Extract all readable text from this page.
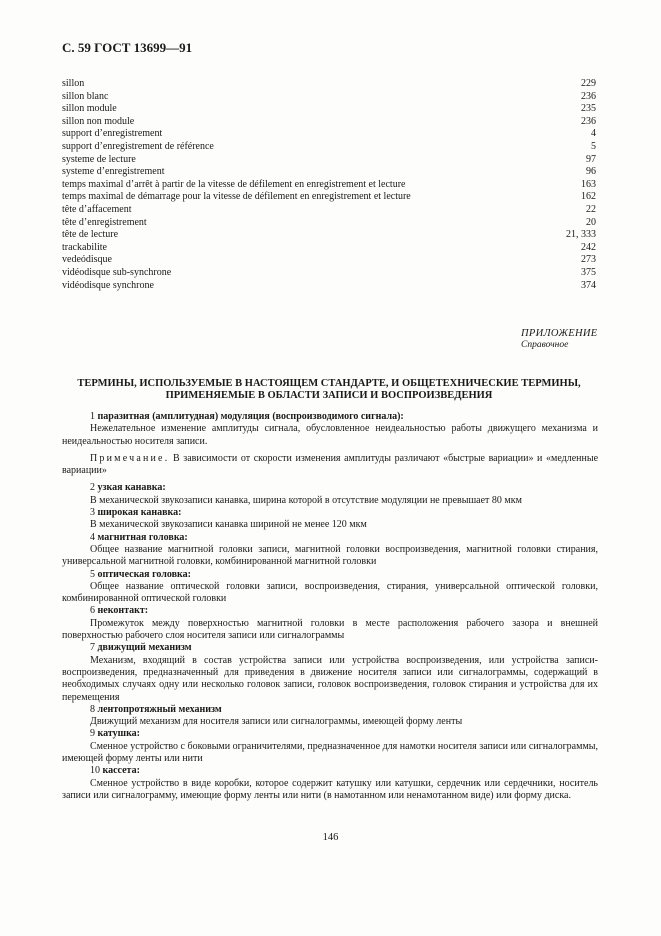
С. 59 ГОСТ 13699—91
sillon	229
sillon blanc	236
sillon module	235
sillon non module	236
support d’enregistrement	4
support d’enregistrement de référence	5
systeme de lecture	97
systeme d’enregistrement	96
temps maximal d’arrêt à partir de la vitesse de défilement en enregistrement et lecture	163
temps maximal de démarrage pour la vitesse de défilement en enregistrement et lecture	162
tête d’affacement	22
tête d’enregistrement	20
tête de lecture	21, 333
trackabilite	242
vedeódisque	273
vidéodisque sub-synchrone	375
vidéodisque synchrone	374
ПРИЛОЖЕНИЕ
Справочное
ТЕРМИНЫ, ИСПОЛЬЗУЕМЫЕ В НАСТОЯЩЕМ СТАНДАРТЕ, И ОБЩЕТЕХНИЧЕСКИЕ ТЕРМИНЫ,
ПРИМЕНЯЕМЫЕ В ОБЛАСТИ ЗАПИСИ И ВОСПРОИЗВЕДЕНИЯ

1 паразитная (амплитудная) модуляция (воспроизводимого сигнала):

Нежелательное изменение амплитуды сигнала, обусловленное неидеальностью работы движущего механизма и неидеальностью носителя записи.

Примечание. В зависимости от скорости изменения амплитуды различают «быстрые вариации» и «медленные вариации»

2 узкая канавка:

В механической звукозаписи канавка, ширина которой в отсутствие модуляции не превышает 80 мкм

3 широкая канавка:

В механической звукозаписи канавка шириной не менее 120 мкм

4 магнитная головка:

Общее название магнитной головки записи, магнитной головки воспроизведения, магнитной головки стирания, универсальной магнитной головки, комбинированной магнитной головки

5 оптическая головка:

Общее название оптической головки записи, воспроизведения, стирания, универсальной оптической головки, комбинированной оптической головки

6 неконтакт:

Промежуток между поверхностью магнитной головки в месте расположения рабочего зазора и внешней поверхностью рабочего слоя носителя записи или сигналограммы

7 движущий механизм

Механизм, входящий в состав устройства записи или устройства воспроизведения, или устройства записи-воспроизведения, предназначенный для приведения в движение носителя записи или сигналограммы, содержащий в необходимых случаях одну или несколько головок записи, головок воспроизведения, головок стирания и устройства для их перемещения

8 лентопротяжный механизм

Движущий механизм для носителя записи или сигналограммы, имеющей форму ленты

9 катушка:

Сменное устройство с боковыми ограничителями, предназначенное для намотки носителя записи или сигналограммы, имеющей форму ленты или нити

10 кассета:

Сменное устройство в виде коробки, которое содержит катушку или катушки, сердечник или сердечники, носитель записи или сигналограмму, имеющие форму ленты или нити (в намотанном или ненамотанном виде) или форму диска.

146
